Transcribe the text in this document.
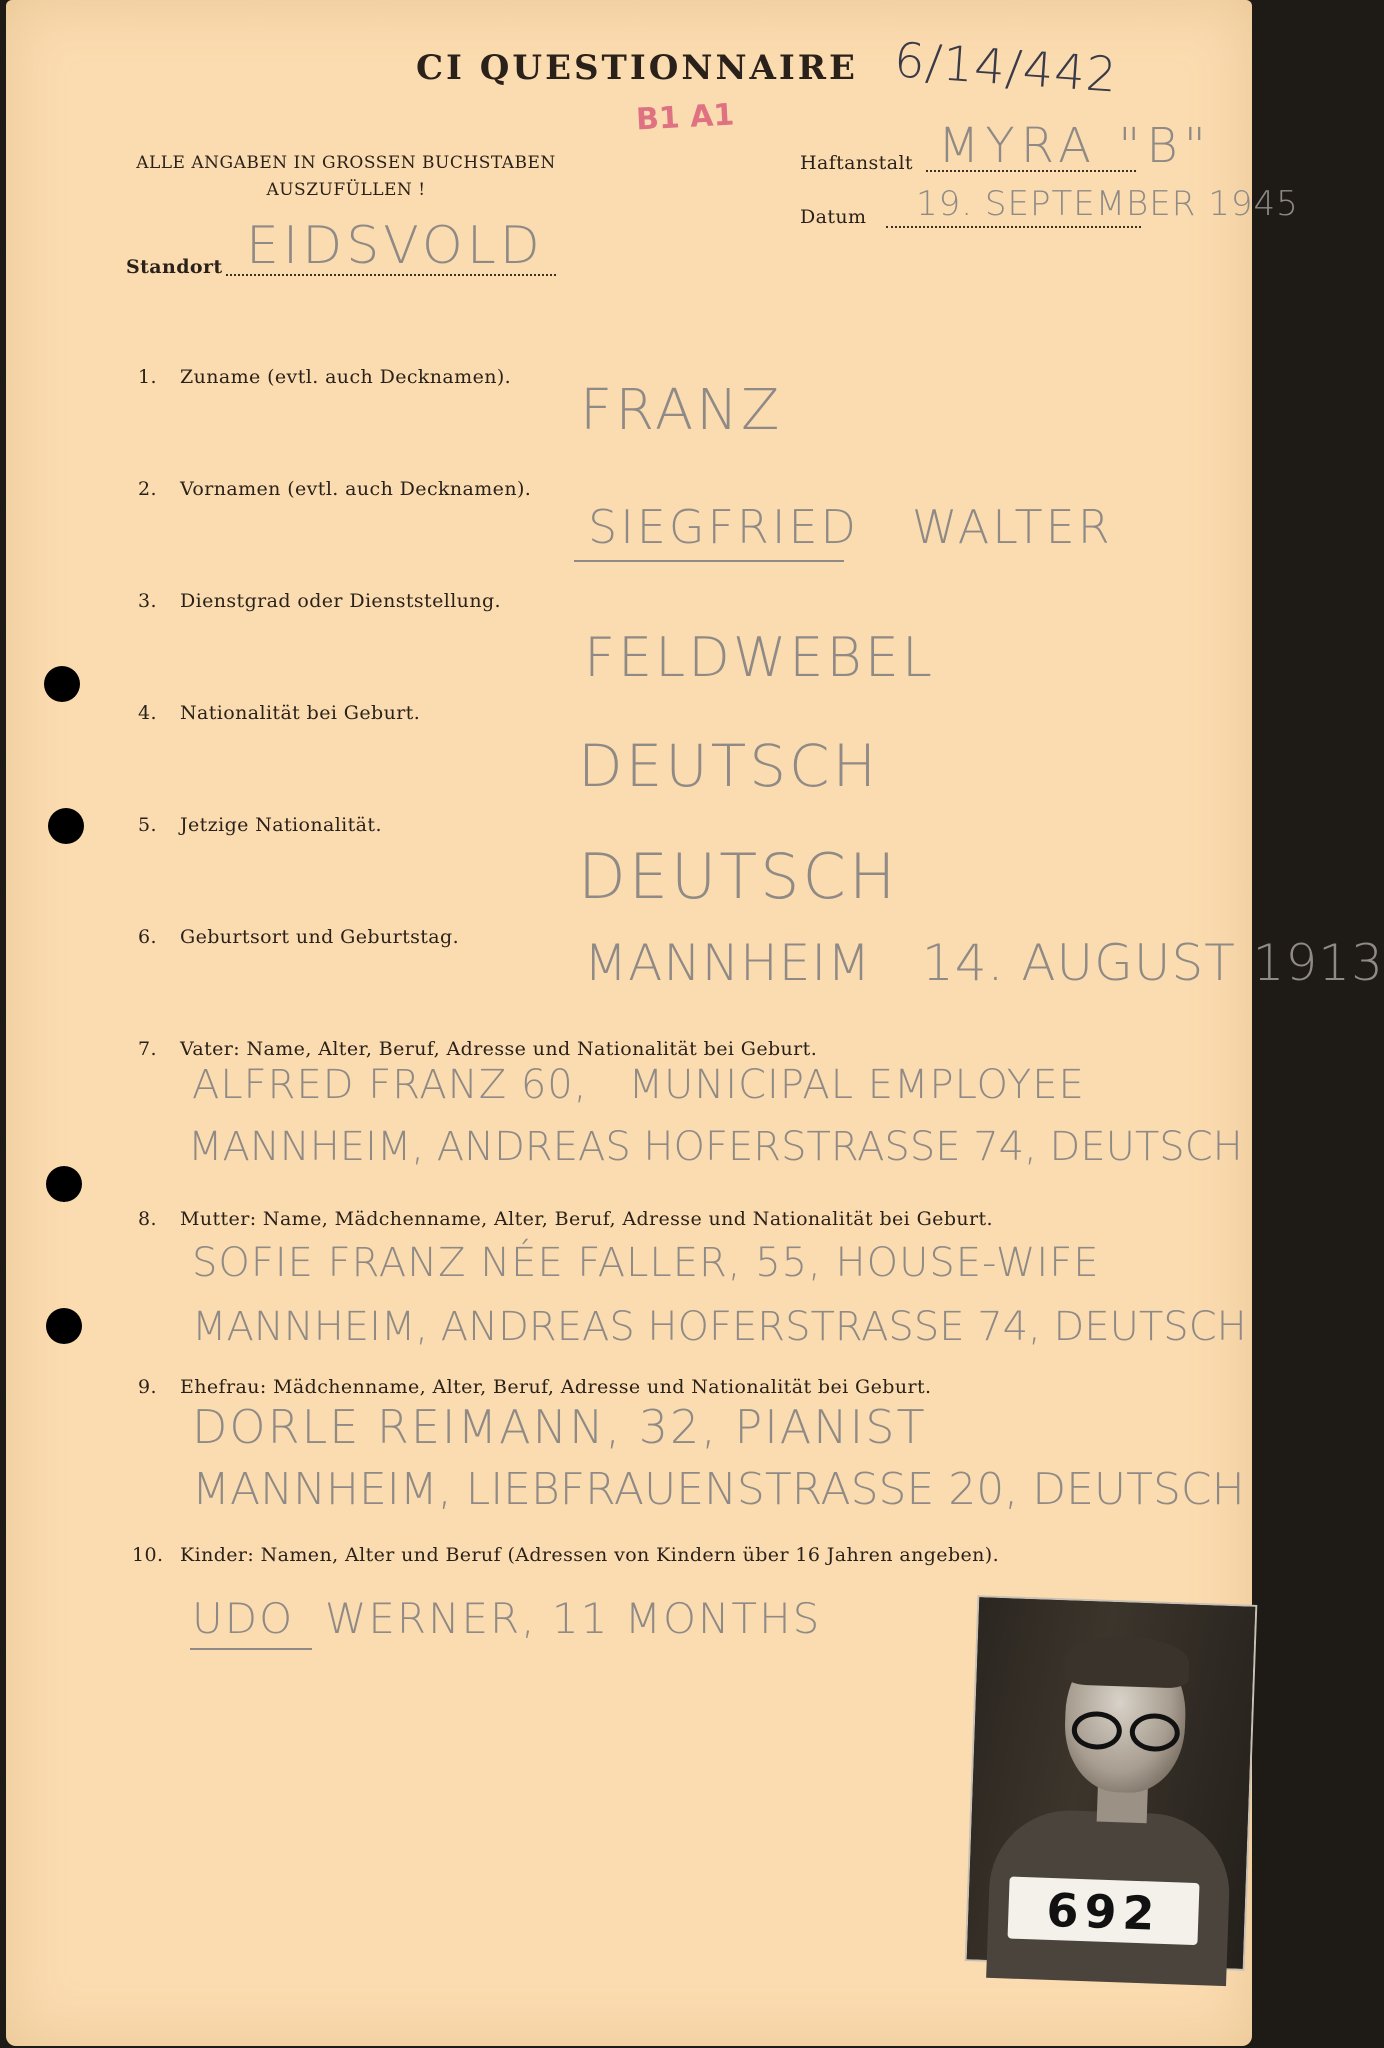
CI QUESTIONNAIRE 6/14/442
B1 A1
ALLE ANGABEN IN GROSSEN BUCHSTABEN
AUSZUFÜLLEN !
Haftanstalt MYRA "B"
Datum 19. SEPTEMBER 1945
Standort EIDSVOLD
1. Zuname (evtl. auch Decknamen).
FRANZ
2. Vornamen (evtl. auch Decknamen).
SIEGFRIED   WALTER
3. Dienstgrad oder Dienststellung.
FELDWEBEL
4. Nationalität bei Geburt.
DEUTSCH
5. Jetzige Nationalität.
DEUTSCH
6. Geburtsort und Geburtstag. MANNHEIM   14. AUGUST 1913
7. Vater: Name, Alter, Beruf, Adresse und Nationalität bei Geburt.
ALFRED FRANZ 60,   MUNICIPAL EMPLOYEE
MANNHEIM, ANDREAS HOFERSTRASSE 74, DEUTSCH
8. Mutter: Name, Mädchenname, Alter, Beruf, Adresse und Nationalität bei Geburt.
SOFIE FRANZ NÉE FALLER, 55, HOUSE-WIFE
MANNHEIM, ANDREAS HOFERSTRASSE 74, DEUTSCH
9. Ehefrau: Mädchenname, Alter, Beruf, Adresse und Nationalität bei Geburt.
DORLE REIMANN, 32, PIANIST
MANNHEIM, LIEBFRAUENSTRASSE 20, DEUTSCH
10. Kinder: Namen, Alter und Beruf (Adressen von Kindern über 16 Jahren angeben).
UDO  WERNER, 11 MONTHS
692
